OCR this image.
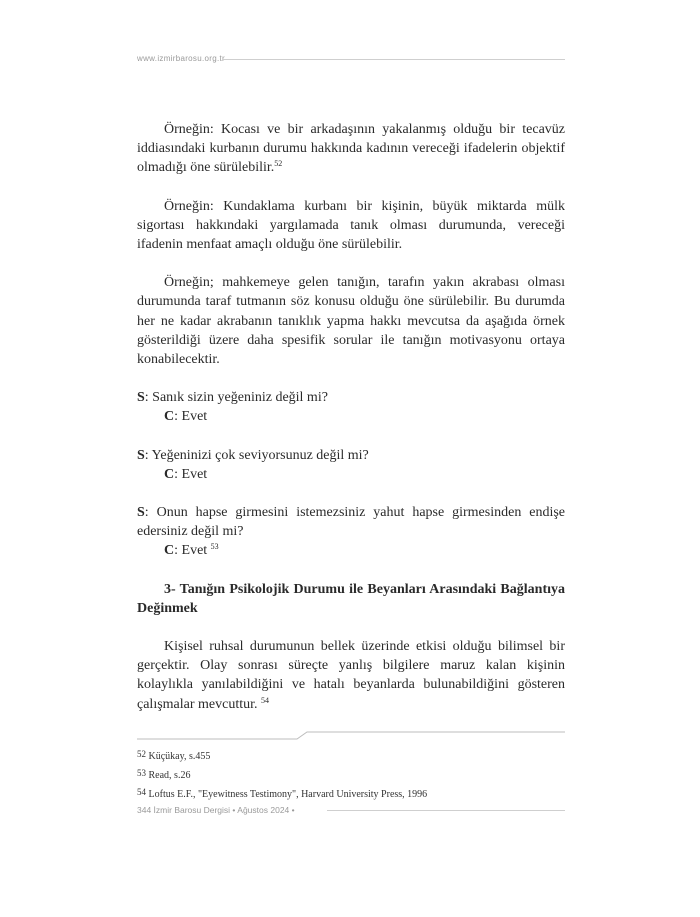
www.izmirbarosu.org.tr

Örneğin: Kocası ve bir arkadaşının yakalanmış olduğu bir tecavüz iddiasındaki kurbanın durumu hakkında kadının vereceği ifadelerin objektif olmadığı öne sürülebilir.$^{52}$

Örneğin: Kundaklama kurbanı bir kişinin, büyük miktarda mülk sigortası hakkındaki yargılamada tanık olması durumunda, vereceği ifadenin menfaat amaçlı olduğu öne sürülebilir.

Örneğin; mahkemeye gelen tanığın, tarafın yakın akrabası olması durumunda taraf tutmanın söz konusu olduğu öne sürülebilir. Bu durumda her ne kadar akrabanın tanıklık yapma hakkı mevcutsa da aşağıda örnek gösterildiği üzere daha spesifik sorular ile tanığın motivasyonu ortaya konabilecektir.

S: Sanık sizin yeğeniniz değil mi?

C: Evet

S: Yeğeninizi çok seviyorsunuz değil mi?

C: Evet

S: Onun hapse girmesini istemezsiniz yahut hapse girmesinden endişe edersiniz değil mi?

C: Evet $^{53}$

3- Tanığın Psikolojik Durumu ile Beyanları Arasındaki Bağlantıya Değinmek

Kişisel ruhsal durumunun bellek üzerinde etkisi olduğu bilimsel bir gerçektir. Olay sonrası süreçte yanlış bilgilere maruz kalan kişinin kolaylıkla yanılabildiğini ve hatalı beyanlarda bulunabildiğini gösteren çalışmalar mevcuttur. $^{54}$

52 Küçükay, s.455

53 Read, s.26

54 Loftus E.F., "Eyewitness Testimony", Harvard University Press, 1996

344 İzmir Barosu Dergisi • Ağustos 2024 •
